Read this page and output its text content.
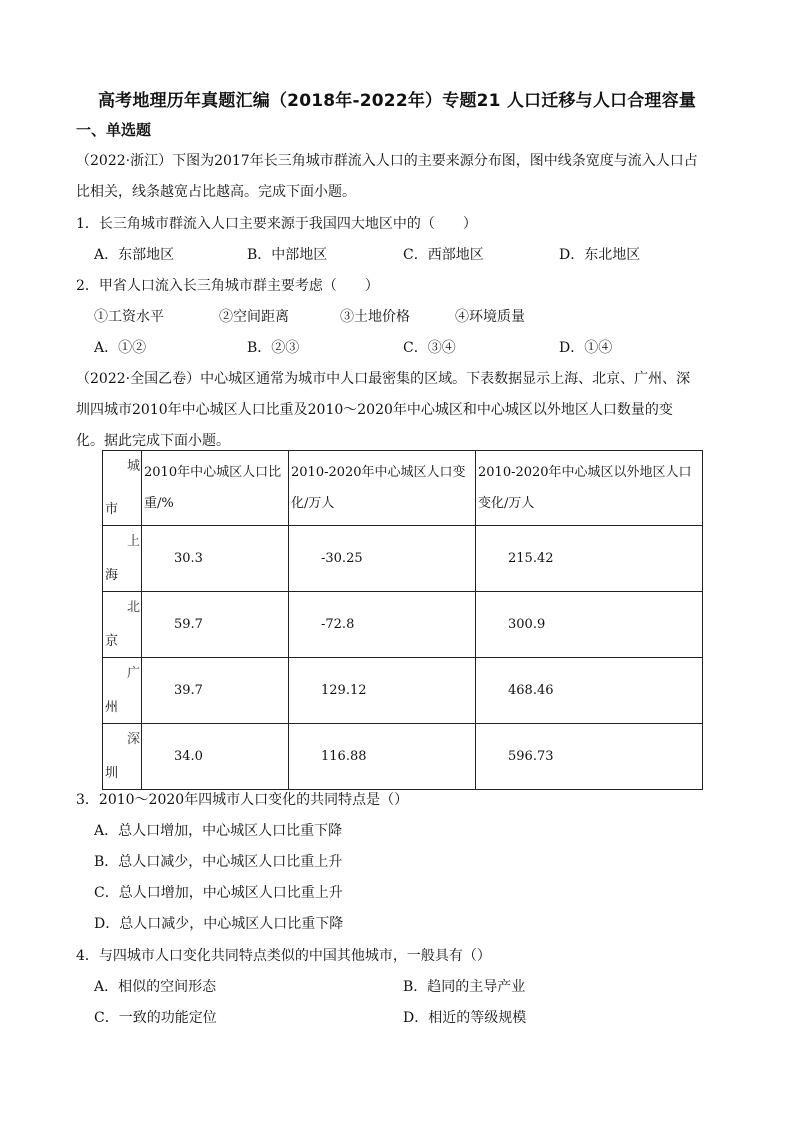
高考地理历年真题汇编（2018年-2022年）专题21 人口迁移与人口合理容量
一、单选题
（2022·浙江）下图为2017年长三角城市群流入人口的主要来源分布图，图中线条宽度与流入人口占
比相关，线条越宽占比越高。完成下面小题。
1．长三角城市群流入人口主要来源于我国四大地区中的（　　）
A．东部地区	B．中部地区	C．西部地区	D．东北地区
2．甲省人口流入长三角城市群主要考虑（　　）
①工资水平	②空间距离	③土地价格	④环境质量
A．①②	B．②③	C．③④	D．①④
（2022·全国乙卷）中心城区通常为城市中人口最密集的区域。下表数据显示上海、北京、广州、深
圳四城市2010年中心城区人口比重及2010～2020年中心城区和中心城区以外地区人口数量的变
化。据此完成下面小题。
城
市	2010年中心城区人口比重/%	2010-2020年中心城区人口变化/万人	2010-2020年中心城区以外地区人口变化/万人

上
海	30.3	-30.25	215.42

北
京	59.7	-72.8	300.9

广
州	39.7	129.12	468.46

深
圳	34.0	116.88	596.73
3．2010～2020年四城市人口变化的共同特点是（）
A．总人口增加，中心城区人口比重下降
B．总人口减少，中心城区人口比重上升
C．总人口增加，中心城区人口比重上升
D．总人口减少，中心城区人口比重下降
4．与四城市人口变化共同特点类似的中国其他城市，一般具有（）
A．相似的空间形态	B．趋同的主导产业
C．一致的功能定位	D．相近的等级规模
